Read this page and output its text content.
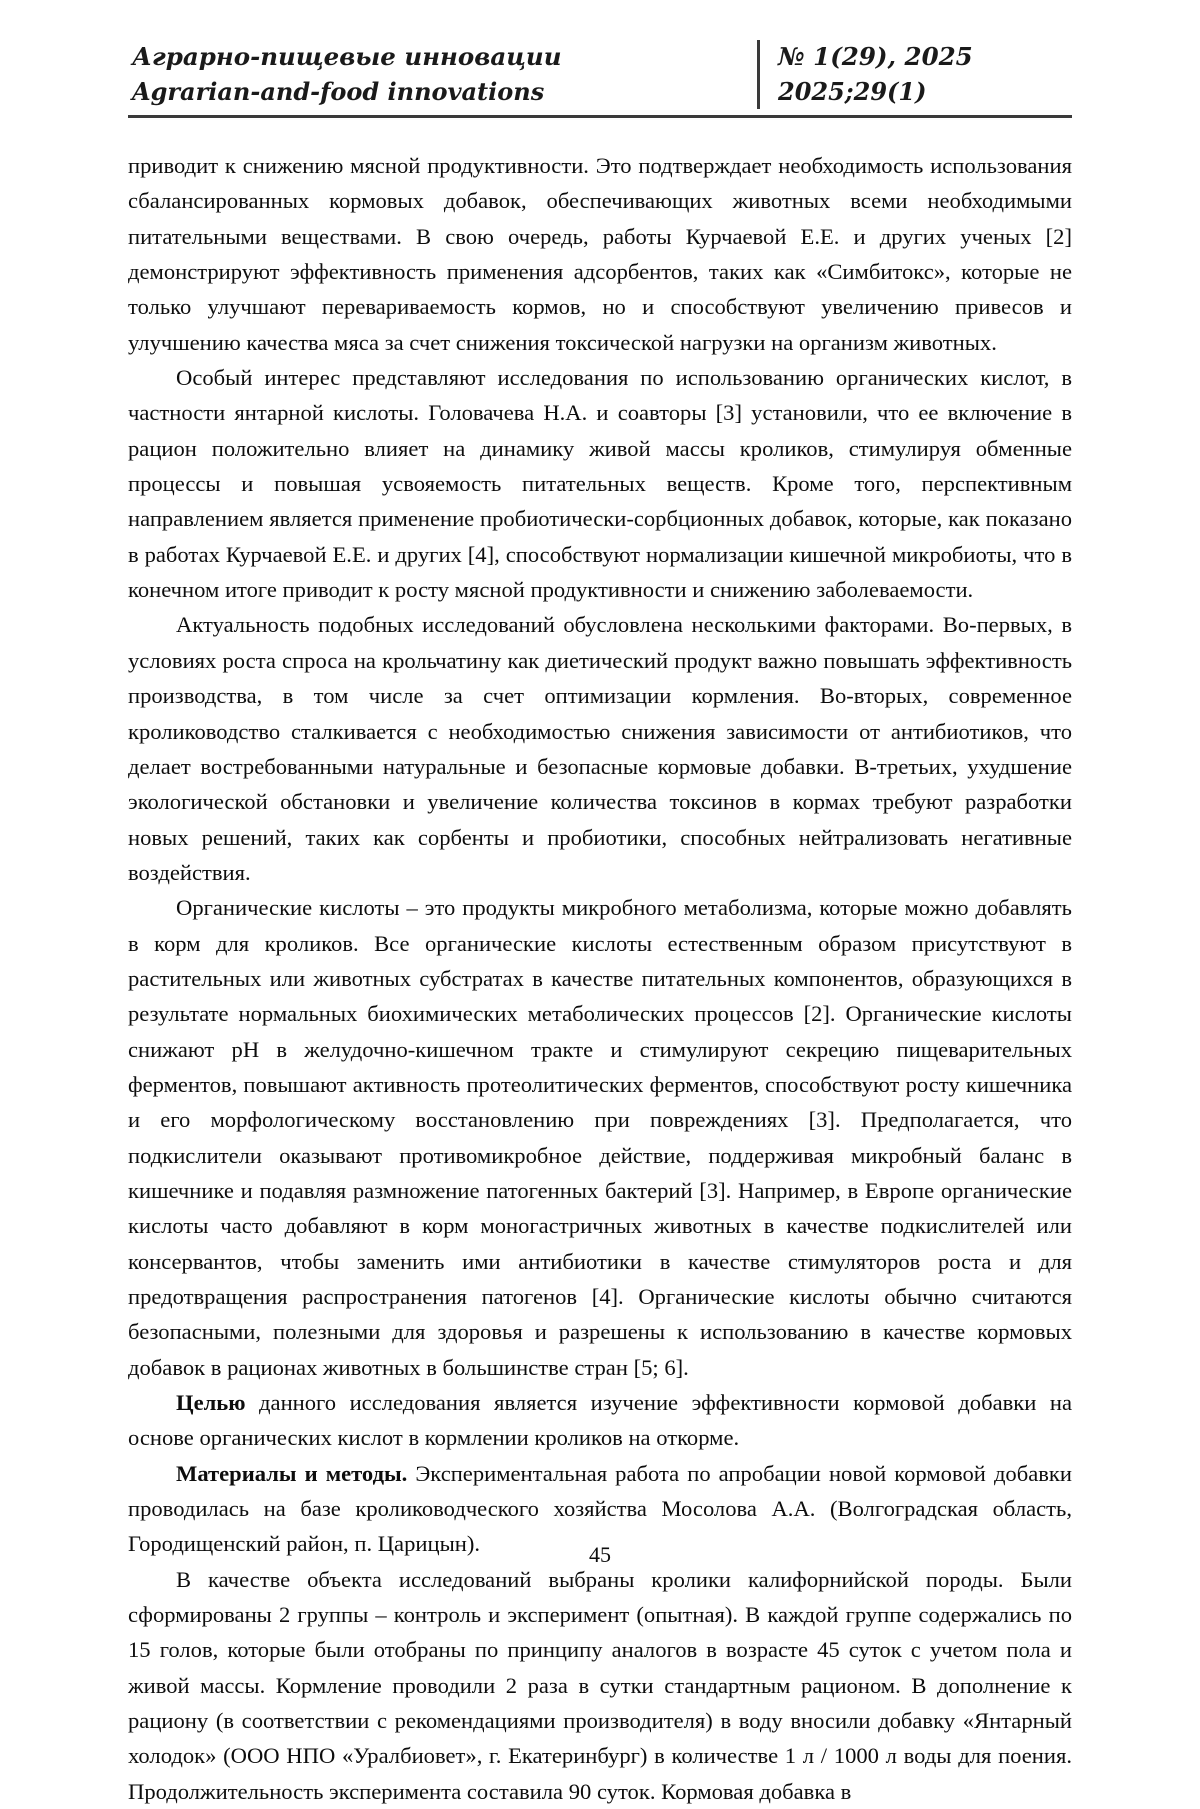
Аграрно-пищевые инновации
Agrarian-and-food innovations
№ 1(29), 2025
2025;29(1)

приводит к снижению мясной продуктивности. Это подтверждает необходимость использования сбалансированных кормовых добавок, обеспечивающих животных всеми необходимыми питательными веществами. В свою очередь, работы Курчаевой Е.Е. и других ученых [2] демонстрируют эффективность применения адсорбентов, таких как «Симбитокс», которые не только улучшают перевариваемость кормов, но и способствуют увеличению привесов и улучшению качества мяса за счет снижения токсической нагрузки на организм животных.

Особый интерес представляют исследования по использованию органических кислот, в частности янтарной кислоты. Головачева Н.А. и соавторы [3] установили, что ее включение в рацион положительно влияет на динамику живой массы кроликов, стимулируя обменные процессы и повышая усвояемость питательных веществ. Кроме того, перспективным направлением является применение пробиотически-сорбционных добавок, которые, как показано в работах Курчаевой Е.Е. и других [4], способствуют нормализации кишечной микробиоты, что в конечном итоге приводит к росту мясной продуктивности и снижению заболеваемости.

Актуальность подобных исследований обусловлена несколькими факторами. Во-первых, в условиях роста спроса на крольчатину как диетический продукт важно повышать эффективность производства, в том числе за счет оптимизации кормления. Во-вторых, современное кролиководство сталкивается с необходимостью снижения зависимости от антибиотиков, что делает востребованными натуральные и безопасные кормовые добавки. В-третьих, ухудшение экологической обстановки и увеличение количества токсинов в кормах требуют разработки новых решений, таких как сорбенты и пробиотики, способных нейтрализовать негативные воздействия.

Органические кислоты – это продукты микробного метаболизма, которые можно добавлять в корм для кроликов. Все органические кислоты естественным образом присутствуют в растительных или животных субстратах в качестве питательных компонентов, образующихся в результате нормальных биохимических метаболических процессов [2]. Органические кислоты снижают pH в желудочно-кишечном тракте и стимулируют секрецию пищеварительных ферментов, повышают активность протеолитических ферментов, способствуют росту кишечника и его морфологическому восстановлению при повреждениях [3]. Предполагается, что подкислители оказывают противомикробное действие, поддерживая микробный баланс в кишечнике и подавляя размножение патогенных бактерий [3]. Например, в Европе органические кислоты часто добавляют в корм моногастричных животных в качестве подкислителей или консервантов, чтобы заменить ими антибиотики в качестве стимуляторов роста и для предотвращения распространения патогенов [4]. Органические кислоты обычно считаются безопасными, полезными для здоровья и разрешены к использованию в качестве кормовых добавок в рационах животных в большинстве стран [5; 6].

Целью данного исследования является изучение эффективности кормовой добавки на основе органических кислот в кормлении кроликов на откорме.

Материалы и методы. Экспериментальная работа по апробации новой кормовой добавки проводилась на базе кролиководческого хозяйства Мосолова А.А. (Волгоградская область, Городищенский район, п. Царицын).

В качестве объекта исследований выбраны кролики калифорнийской породы. Были сформированы 2 группы – контроль и эксперимент (опытная). В каждой группе содержались по 15 голов, которые были отобраны по принципу аналогов в возрасте 45 суток с учетом пола и живой массы. Кормление проводили 2 раза в сутки стандартным рационом. В дополнение к рациону (в соответствии с рекомендациями производителя) в воду вносили добавку «Янтарный холодок» (ООО НПО «Уралбиовет», г. Екатеринбург) в количестве 1 л / 1000 л воды для поения. Продолжительность эксперимента составила 90 суток. Кормовая добавка в

45
